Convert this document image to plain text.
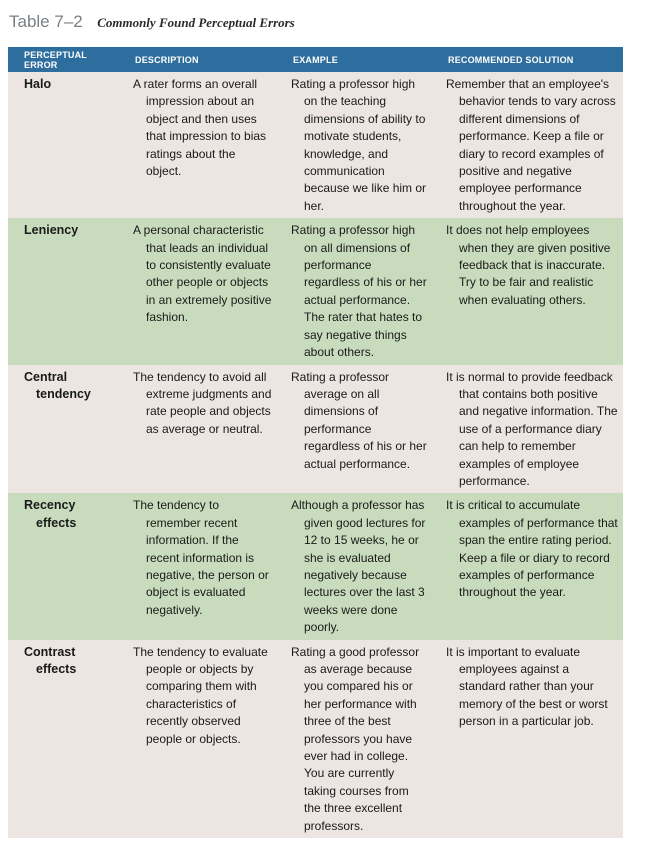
Table 7–2 Commonly Found Perceptual Errors
PERCEPTUAL ERROR	DESCRIPTION	EXAMPLE	RECOMMENDED SOLUTION

Halo	A rater forms an overall impression about an object and then uses that impression to bias ratings about the object.	Rating a professor high on the teaching dimensions of ability to motivate students, knowledge, and communication because we like him or her.	Remember that an employee's behavior tends to vary across different dimensions of performance. Keep a file or diary to record examples of positive and negative employee performance throughout the year.

Leniency	A personal characteristic that leads an individual to consistently evaluate other people or objects in an extremely positive fashion.	Rating a professor high on all dimensions of performance regardless of his or her actual performance. The rater that hates to say negative things about others.	It does not help employees when they are given positive feedback that is inaccurate. Try to be fair and realistic when evaluating others.

Central tendency	The tendency to avoid all extreme judgments and rate people and objects as average or neutral.	Rating a professor average on all dimensions of performance regardless of his or her actual performance.	It is normal to provide feedback that contains both positive and negative information. The use of a performance diary can help to remember examples of employee performance.

Recency effects	The tendency to remember recent information. If the recent information is negative, the person or object is evaluated negatively.	Although a professor has given good lectures for 12 to 15 weeks, he or she is evaluated negatively because lectures over the last 3 weeks were done poorly.	It is critical to accumulate examples of performance that span the entire rating period. Keep a file or diary to record examples of performance throughout the year.

Contrast effects	The tendency to evaluate people or objects by comparing them with characteristics of recently observed people or objects.	Rating a good professor as average because you compared his or her performance with three of the best professors you have ever had in college. You are currently taking courses from the three excellent professors.	It is important to evaluate employees against a standard rather than your memory of the best or worst person in a particular job.
